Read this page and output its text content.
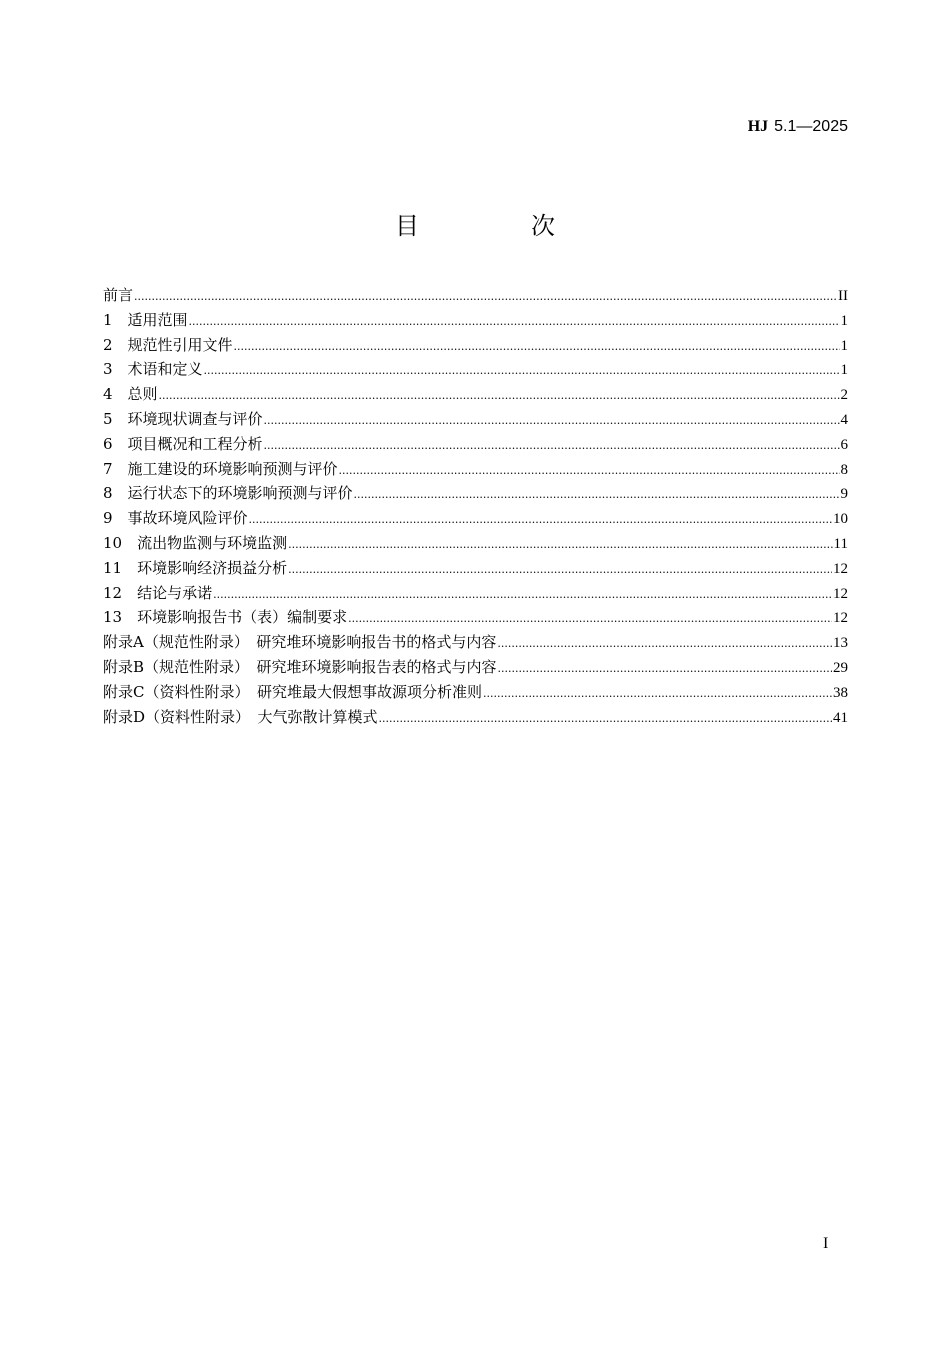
HJ 5.1—2025
目　次
前言 .....	II
1　适用范围 .....	1
2　规范性引用文件 .....	1
3　术语和定义 .....	1
4　总则 .....	2
5　环境现状调查与评价 .....	4
6　项目概况和工程分析 .....	6
7　施工建设的环境影响预测与评价 .....	8
8　运行状态下的环境影响预测与评价 .....	9
9　事故环境风险评价 .....	10
10　流出物监测与环境监测 .....	11
11　环境影响经济损益分析 .....	12
12　结论与承诺 .....	12
13　环境影响报告书（表）编制要求 .....	12
附录A（规范性附录）　研究堆环境影响报告书的格式与内容 .....	13
附录B（规范性附录）　研究堆环境影响报告表的格式与内容 .....	29
附录C（资料性附录）　研究堆最大假想事故源项分析准则 .....	38
附录D（资料性附录）　大气弥散计算模式 .....	41
I
